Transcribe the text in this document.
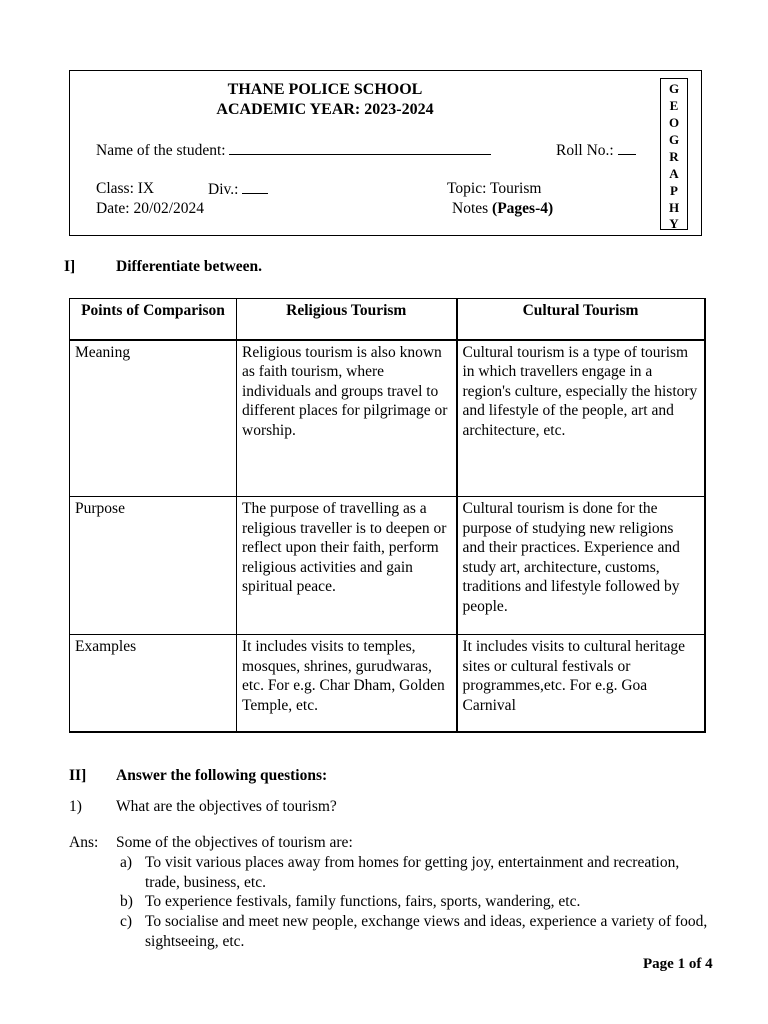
THANE POLICE SCHOOL
ACADEMIC YEAR: 2023-2024
Name of the student:	Roll No.:
Class: IX	Div.:	Topic: Tourism
Date: 20/02/2024	Notes (Pages-4)
G
E
O
G
R
A
P
H
Y
I]	Differentiate between.
Points of Comparison	Religious Tourism	Cultural Tourism
Meaning	Religious tourism is also known as faith tourism, where individuals and groups travel to different places for pilgrimage or worship.	Cultural tourism is a type of tourism in which travellers engage in a region's culture, especially the history and lifestyle of the people, art and architecture, etc.
Purpose	The purpose of travelling as a religious traveller is to deepen or reflect upon their faith, perform religious activities and gain spiritual peace.	Cultural tourism is done for the purpose of studying new religions and their practices. Experience and study art, architecture, customs, traditions and lifestyle followed by people.
Examples	It includes visits to temples, mosques, shrines, gurudwaras, etc. For e.g. Char Dham, Golden Temple, etc.	It includes visits to cultural heritage sites or cultural festivals or programmes,etc. For e.g. Goa Carnival
II] Answer the following questions:
1) What are the objectives of tourism?
Ans: Some of the objectives of tourism are:
a) To visit various places away from homes for getting joy, entertainment and recreation, trade, business, etc.
b) To experience festivals, family functions, fairs, sports, wandering, etc.
c) To socialise and meet new people, exchange views and ideas, experience a variety of food, sightseeing, etc.
Page 1 of 4
